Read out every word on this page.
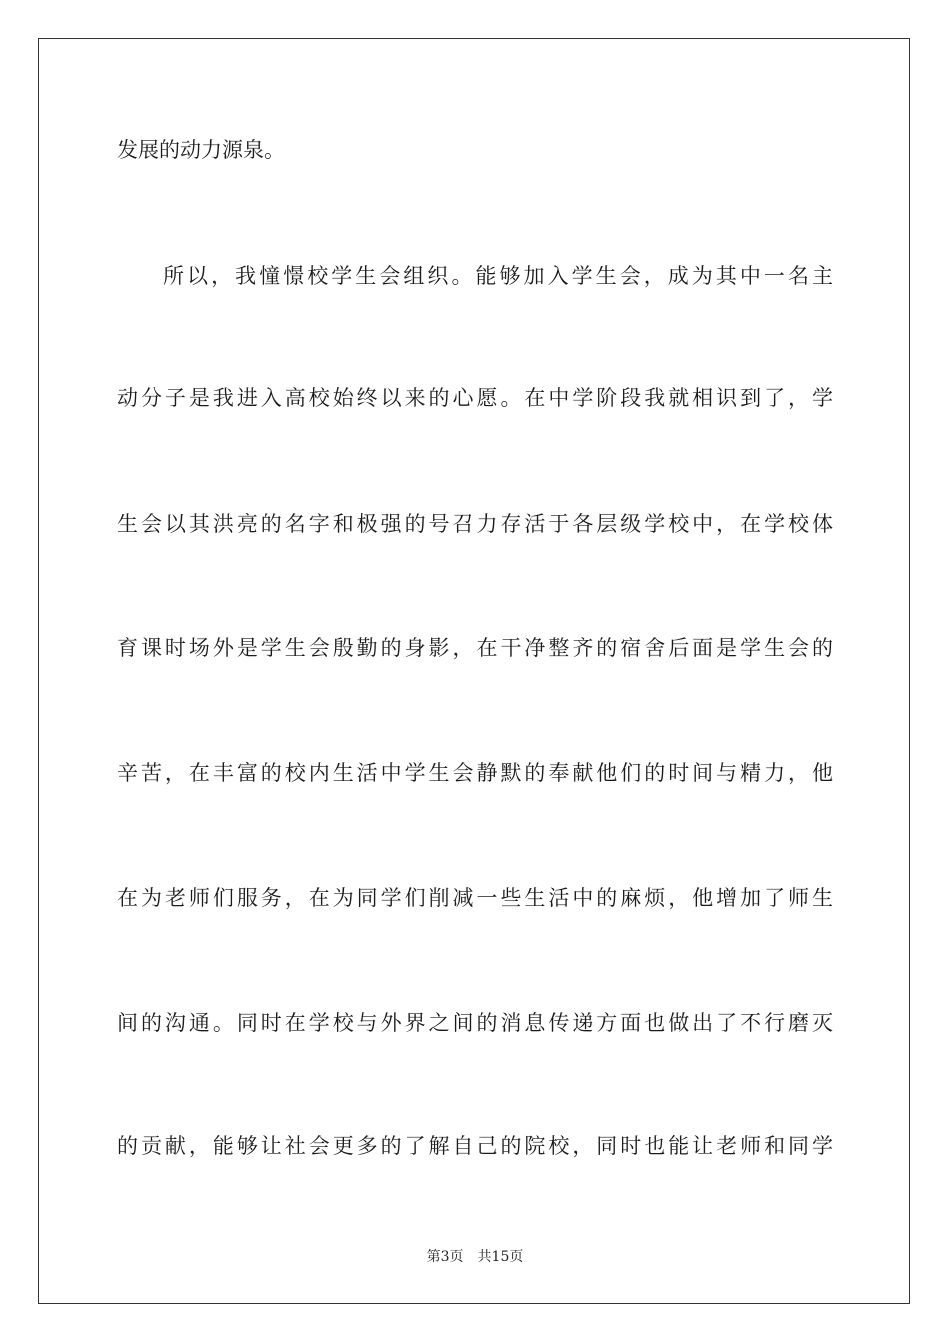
发展的动力源泉。
所以，我憧憬校学生会组织。能够加入学生会，成为其中一名主
动分子是我进入高校始终以来的心愿。在中学阶段我就相识到了，学
生会以其洪亮的名字和极强的号召力存活于各层级学校中，在学校体
育课时场外是学生会殷勤的身影，在干净整齐的宿舍后面是学生会的
辛苦，在丰富的校内生活中学生会静默的奉献他们的时间与精力，他
在为老师们服务，在为同学们削减一些生活中的麻烦，他增加了师生
间的沟通。同时在学校与外界之间的消息传递方面也做出了不行磨灭
的贡献，能够让社会更多的了解自己的院校，同时也能让老师和同学
第3页 共15页
